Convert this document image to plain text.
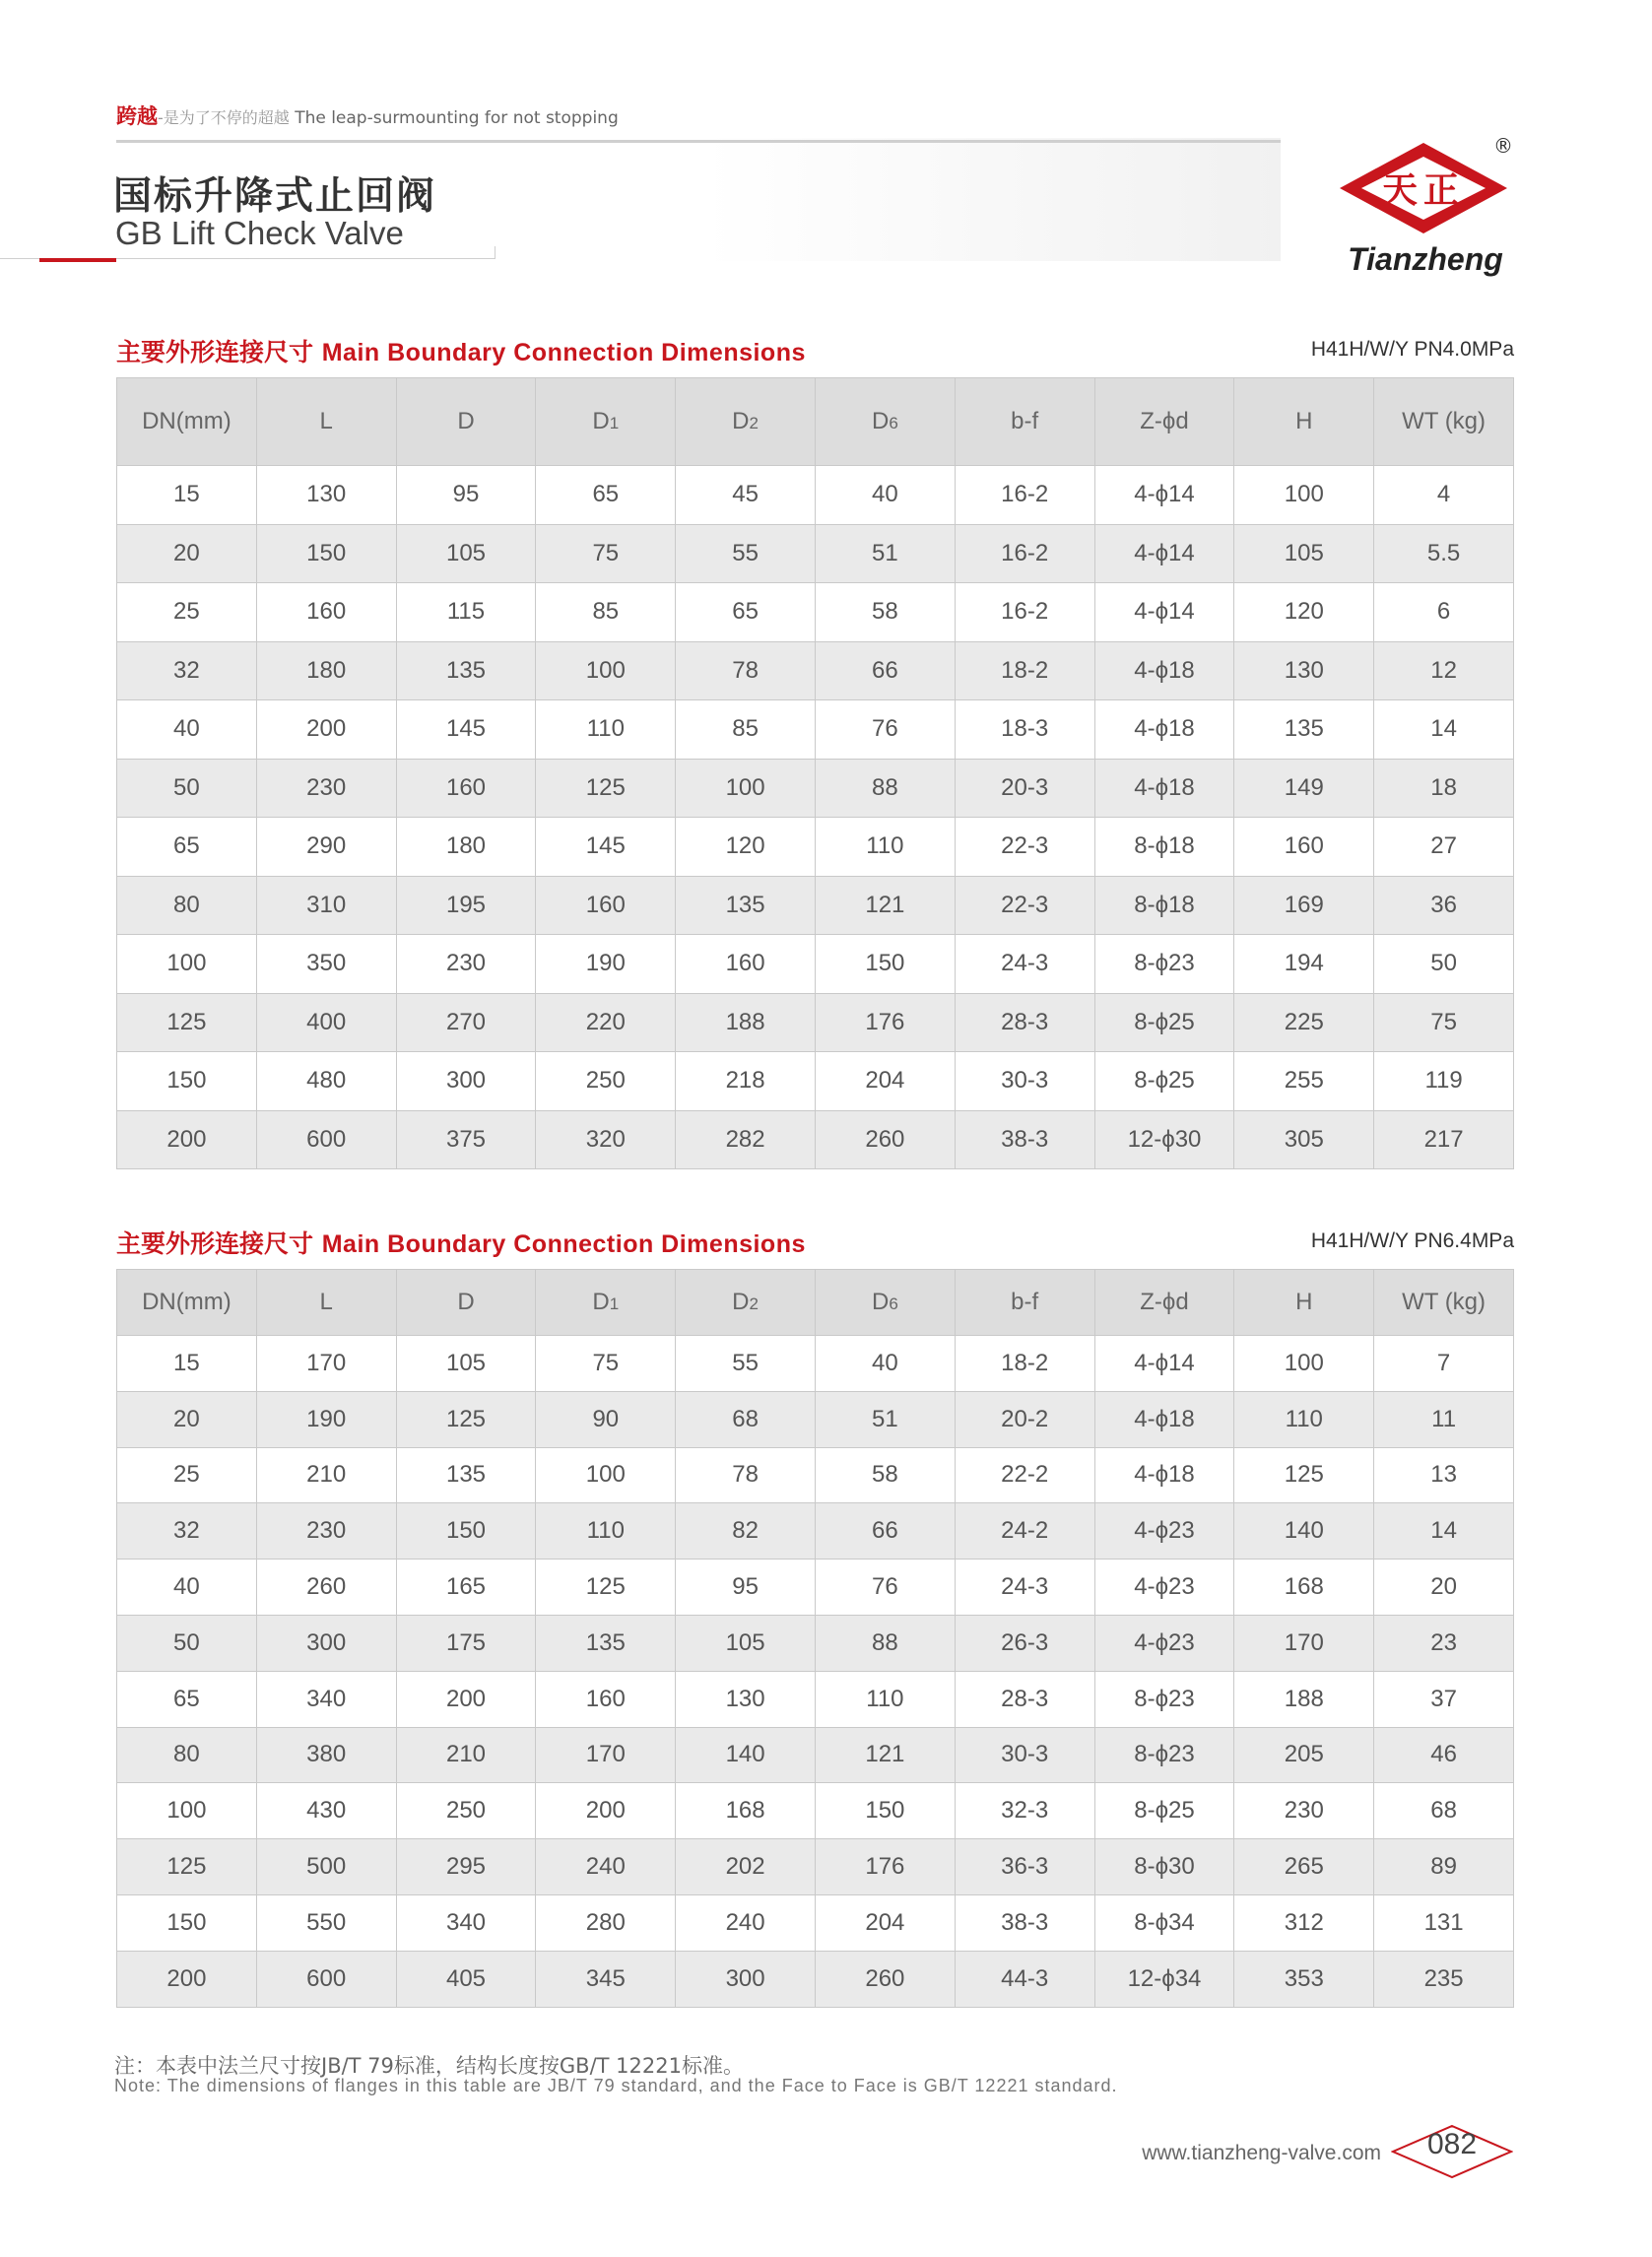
跨越-是为了不停的超越 The leap-surmounting for not stopping
国标升降式止回阀
GB Lift Check Valve
天正
®
Tianzheng
主要外形连接尺寸 Main Boundary Connection Dimensions	H41H/W/Y PN4.0MPa
DN(mm)	L	D	D1	D2	D6	b-f	Z-ϕd	H	WT (kg)
15	130	95	65	45	40	16-2	4-ϕ14	100	4
20	150	105	75	55	51	16-2	4-ϕ14	105	5.5
25	160	115	85	65	58	16-2	4-ϕ14	120	6
32	180	135	100	78	66	18-2	4-ϕ18	130	12
40	200	145	110	85	76	18-3	4-ϕ18	135	14
50	230	160	125	100	88	20-3	4-ϕ18	149	18
65	290	180	145	120	110	22-3	8-ϕ18	160	27
80	310	195	160	135	121	22-3	8-ϕ18	169	36
100	350	230	190	160	150	24-3	8-ϕ23	194	50
125	400	270	220	188	176	28-3	8-ϕ25	225	75
150	480	300	250	218	204	30-3	8-ϕ25	255	119
200	600	375	320	282	260	38-3	12-ϕ30	305	217
主要外形连接尺寸 Main Boundary Connection Dimensions	H41H/W/Y PN6.4MPa
DN(mm)	L	D	D1	D2	D6	b-f	Z-ϕd	H	WT (kg)
15	170	105	75	55	40	18-2	4-ϕ14	100	7
20	190	125	90	68	51	20-2	4-ϕ18	110	11
25	210	135	100	78	58	22-2	4-ϕ18	125	13
32	230	150	110	82	66	24-2	4-ϕ23	140	14
40	260	165	125	95	76	24-3	4-ϕ23	168	20
50	300	175	135	105	88	26-3	4-ϕ23	170	23
65	340	200	160	130	110	28-3	8-ϕ23	188	37
80	380	210	170	140	121	30-3	8-ϕ23	205	46
100	430	250	200	168	150	32-3	8-ϕ25	230	68
125	500	295	240	202	176	36-3	8-ϕ30	265	89
150	550	340	280	240	204	38-3	8-ϕ34	312	131
200	600	405	345	300	260	44-3	12-ϕ34	353	235
注：本表中法兰尺寸按JB/T 79标准，结构长度按GB/T 12221标准。
Note: The dimensions of flanges in this table are JB/T 79 standard, and the Face to Face is GB/T 12221 standard.
www.tianzheng-valve.com	082
